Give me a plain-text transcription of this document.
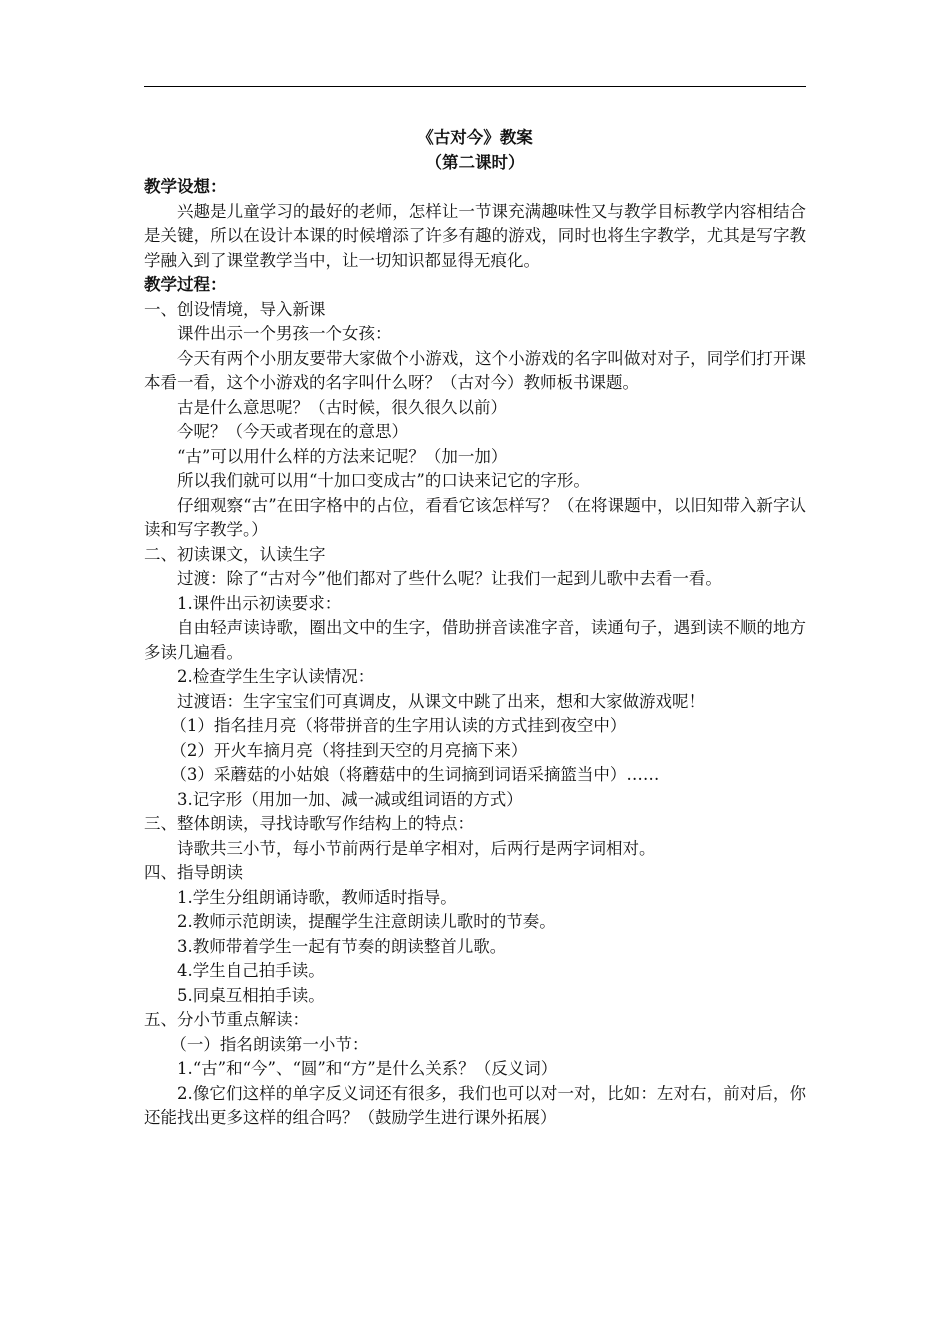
《古对今》教案
（第二课时）
教学设想：
兴趣是儿童学习的最好的老师，怎样让一节课充满趣味性又与教学目标教学内容相结合是关键，所以在设计本课的时候增添了许多有趣的游戏，同时也将生字教学，尤其是写字教学融入到了课堂教学当中，让一切知识都显得无痕化。
教学过程：
一、创设情境，导入新课
课件出示一个男孩一个女孩：
今天有两个小朋友要带大家做个小游戏，这个小游戏的名字叫做对对子，同学们打开课本看一看，这个小游戏的名字叫什么呀？（古对今）教师板书课题。
古是什么意思呢？（古时候，很久很久以前）
今呢？（今天或者现在的意思）
“古”可以用什么样的方法来记呢？（加一加）
所以我们就可以用“十加口变成古”的口诀来记它的字形。
仔细观察“古”在田字格中的占位，看看它该怎样写？（在将课题中，以旧知带入新字认读和写字教学。）
二、初读课文，认读生字
过渡：除了“古对今”他们都对了些什么呢？让我们一起到儿歌中去看一看。
1.课件出示初读要求：
自由轻声读诗歌，圈出文中的生字，借助拼音读准字音，读通句子，遇到读不顺的地方多读几遍看。
2.检查学生生字认读情况：
过渡语：生字宝宝们可真调皮，从课文中跳了出来，想和大家做游戏呢！
（1）指名挂月亮（将带拼音的生字用认读的方式挂到夜空中）
（2）开火车摘月亮（将挂到天空的月亮摘下来）
（3）采蘑菇的小姑娘（将蘑菇中的生词摘到词语采摘篮当中）……
3.记字形（用加一加、减一减或组词语的方式）
三、整体朗读，寻找诗歌写作结构上的特点：
诗歌共三小节，每小节前两行是单字相对，后两行是两字词相对。
四、指导朗读
1.学生分组朗诵诗歌，教师适时指导。
2.教师示范朗读，提醒学生注意朗读儿歌时的节奏。
3.教师带着学生一起有节奏的朗读整首儿歌。
4.学生自己拍手读。
5.同桌互相拍手读。
五、分小节重点解读：
（一）指名朗读第一小节：
1.“古”和“今”、“圆”和“方”是什么关系？（反义词）
2.像它们这样的单字反义词还有很多，我们也可以对一对，比如：左对右，前对后，你还能找出更多这样的组合吗？（鼓励学生进行课外拓展）
